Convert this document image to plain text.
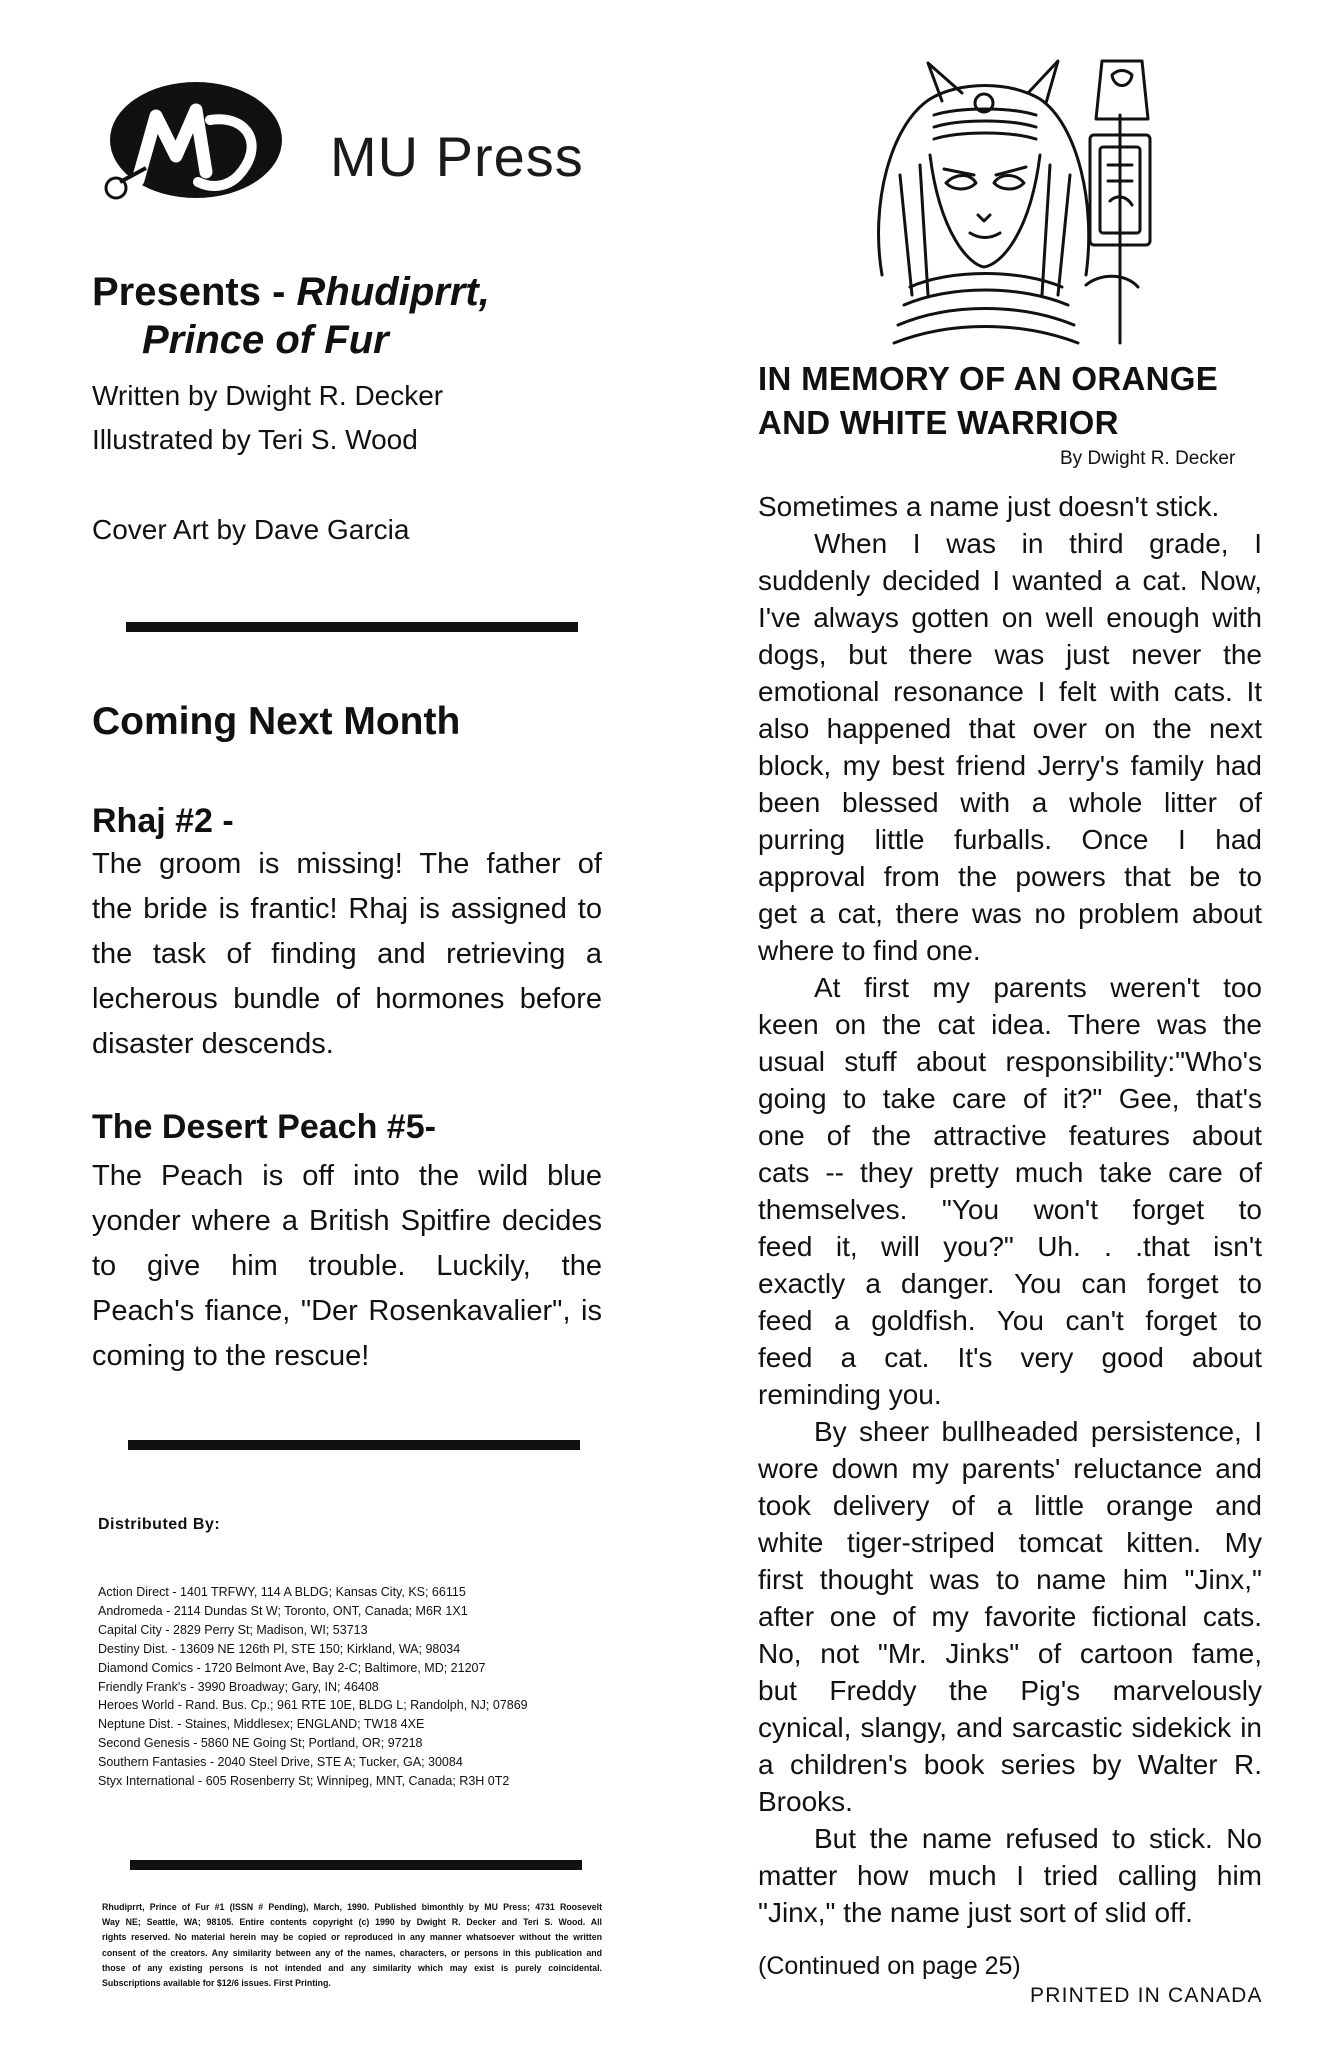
MU Press
Presents - Rhudiprrt,
Prince of Fur
Written by Dwight R. Decker
Illustrated by Teri S. Wood
Cover Art by Dave Garcia
Coming Next Month
Rhaj #2 -
The groom is missing! The father of
the bride is frantic! Rhaj is assigned to
the task of finding and retrieving a
lecherous bundle of hormones before
disaster descends.
The Desert Peach #5-
The Peach is off into the wild blue
yonder where a British Spitfire decides
to give him trouble. Luckily, the
Peach's fiance, "Der Rosenkavalier", is
coming to the rescue!
Distributed By:
Action Direct - 1401 TRFWY, 114 A BLDG; Kansas City, KS; 66115
Andromeda - 2114 Dundas St W; Toronto, ONT, Canada; M6R 1X1
Capital City - 2829 Perry St; Madison, WI; 53713
Destiny Dist. - 13609 NE 126th Pl, STE 150; Kirkland, WA; 98034
Diamond Comics - 1720 Belmont Ave, Bay 2-C; Baltimore, MD; 21207
Friendly Frank's - 3990 Broadway; Gary, IN; 46408
Heroes World - Rand. Bus. Cp.; 961 RTE 10E, BLDG L; Randolph, NJ; 07869
Neptune Dist. - Staines, Middlesex; ENGLAND; TW18 4XE
Second Genesis - 5860 NE Going St; Portland, OR; 97218
Southern Fantasies - 2040 Steel Drive, STE A; Tucker, GA; 30084
Styx International - 605 Rosenberry St; Winnipeg, MNT, Canada; R3H 0T2
Rhudiprrt, Prince of Fur #1 (ISSN # Pending), March, 1990. Published bimonthly by MU Press; 4731 Roosevelt
Way NE; Seattle, WA; 98105. Entire contents copyright (c) 1990 by Dwight R. Decker and Teri S. Wood. All
rights reserved. No material herein may be copied or reproduced in any manner whatsoever without the written
consent of the creators. Any similarity between any of the names, characters, or persons in this publication and
those of any existing persons is not intended and any similarity which may exist is purely coincidental.
Subscriptions available for $12/6 issues. First Printing.
IN MEMORY OF AN ORANGE
AND WHITE WARRIOR
By Dwight R. Decker
Sometimes a name just doesn't stick.
When I was in third grade, I
suddenly decided I wanted a cat. Now,
I've always gotten on well enough with
dogs, but there was just never the
emotional resonance I felt with cats. It
also happened that over on the next
block, my best friend Jerry's family had
been blessed with a whole litter of
purring little furballs. Once I had
approval from the powers that be to
get a cat, there was no problem about
where to find one.
At first my parents weren't too
keen on the cat idea. There was the
usual stuff about responsibility:"Who's
going to take care of it?" Gee, that's
one of the attractive features about
cats -- they pretty much take care of
themselves. "You won't forget to
feed it, will you?" Uh. . .that isn't
exactly a danger. You can forget to
feed a goldfish. You can't forget to
feed a cat. It's very good about
reminding you.
By sheer bullheaded persistence, I
wore down my parents' reluctance and
took delivery of a little orange and
white tiger-striped tomcat kitten. My
first thought was to name him "Jinx,"
after one of my favorite fictional cats.
No, not "Mr. Jinks" of cartoon fame,
but Freddy the Pig's marvelously
cynical, slangy, and sarcastic sidekick in
a children's book series by Walter R.
Brooks.
But the name refused to stick. No
matter how much I tried calling him
"Jinx," the name just sort of slid off.
(Continued on page 25)
PRINTED IN CANADA
